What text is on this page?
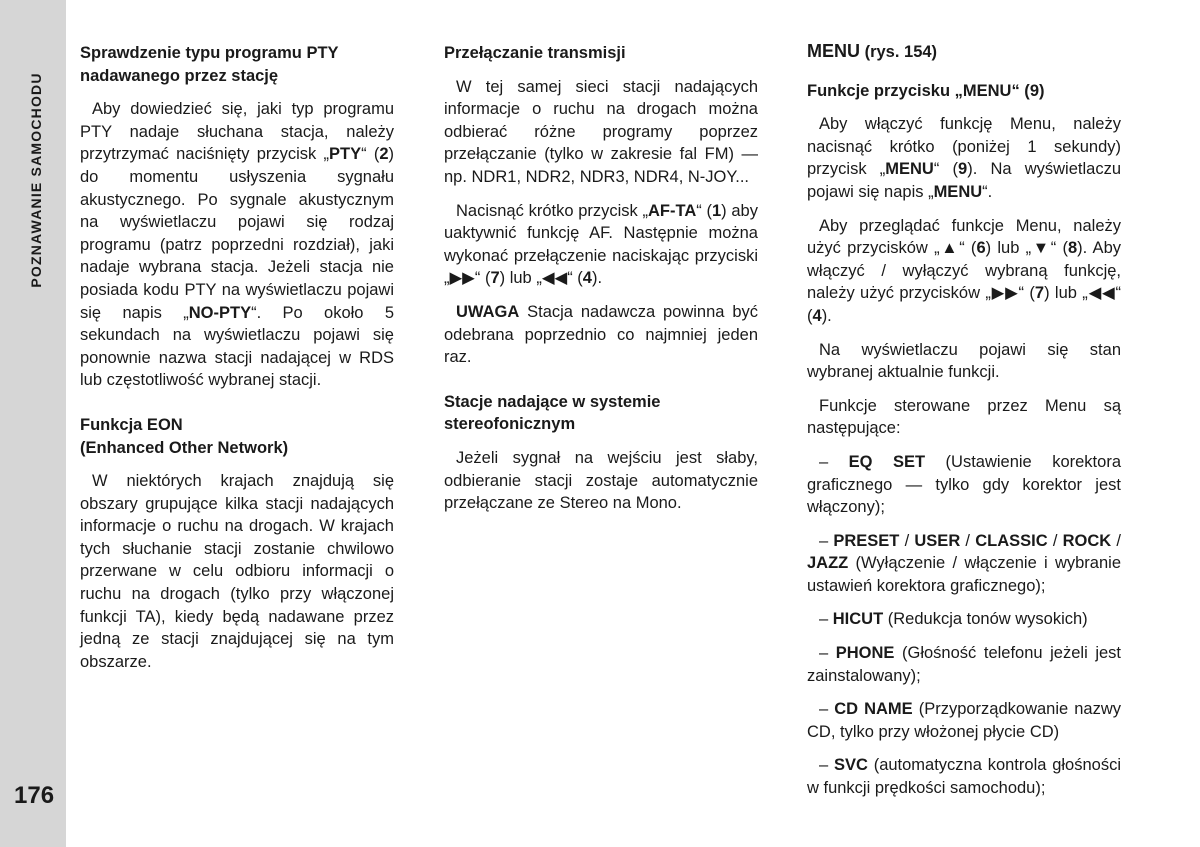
POZNAWANIE SAMOCHODU
176
Sprawdzenie typu programu PTY nadawanego przez stację

Aby dowiedzieć się, jaki typ programu PTY nadaje słuchana stacja, należy przytrzymać naciśnięty przycisk „PTY“ (2) do momentu usłyszenia sygnału akustycznego. Po sygnale akustycznym na wyświetlaczu pojawi się rodzaj programu (patrz poprzedni rozdział), jaki nadaje wybrana stacja. Jeżeli stacja nie posiada kodu PTY na wyświetlaczu pojawi się napis „NO-PTY“. Po około 5 sekundach na wyświetlaczu pojawi się ponownie nazwa stacji nadającej w RDS lub częstotliwość wybranej stacji.

Funkcja EON
(Enhanced Other Network)

W niektórych krajach znajdują się obszary grupujące kilka stacji nadających informacje o ruchu na drogach. W krajach tych słuchanie stacji zostanie chwilowo przerwane w celu odbioru informacji o ruchu na drogach (tylko przy włączonej funkcji TA), kiedy będą nadawane przez jedną ze stacji znajdującej się na tym obszarze.

Przełączanie transmisji

W tej samej sieci stacji nadających informacje o ruchu na drogach można odbierać różne programy poprzez przełączanie (tylko w zakresie fal FM) — np. NDR1, NDR2, NDR3, NDR4, N-JOY...

Nacisnąć krótko przycisk „AF-TA“ (1) aby uaktywnić funkcję AF. Następnie można wykonać przełączenie naciskając przyciski „▶▶“ (7) lub „◀◀“ (4).

UWAGA Stacja nadawcza powinna być odebrana poprzednio co najmniej jeden raz.

Stacje nadające w systemie stereofonicznym

Jeżeli sygnał na wejściu jest słaby, odbieranie stacji zostaje automatycznie przełączane ze Stereo na Mono.

MENU (rys. 154)
Funkcje przycisku „MENU“ (9)

Aby włączyć funkcję Menu, należy nacisnąć krótko (poniżej 1 sekundy) przycisk „MENU“ (9). Na wyświetlaczu pojawi się napis „MENU“.

Aby przeglądać funkcje Menu, należy użyć przycisków „▲“ (6) lub „▼“ (8). Aby włączyć / wyłączyć wybraną funkcję, należy użyć przycisków „▶▶“ (7) lub „◀◀“ (4).

Na wyświetlaczu pojawi się stan wybranej aktualnie funkcji.

Funkcje sterowane przez Menu są następujące:

– EQ SET (Ustawienie korektora graficznego — tylko gdy korektor jest włączony);

– PRESET / USER / CLASSIC / ROCK / JAZZ (Wyłączenie / włączenie i wybranie ustawień korektora graficznego);

– HICUT (Redukcja tonów wysokich)

– PHONE (Głośność telefonu jeżeli jest zainstalowany);

– CD NAME (Przyporządkowanie nazwy CD, tylko przy włożonej płycie CD)

– SVC (automatyczna kontrola głośności w funkcji prędkości samochodu);
